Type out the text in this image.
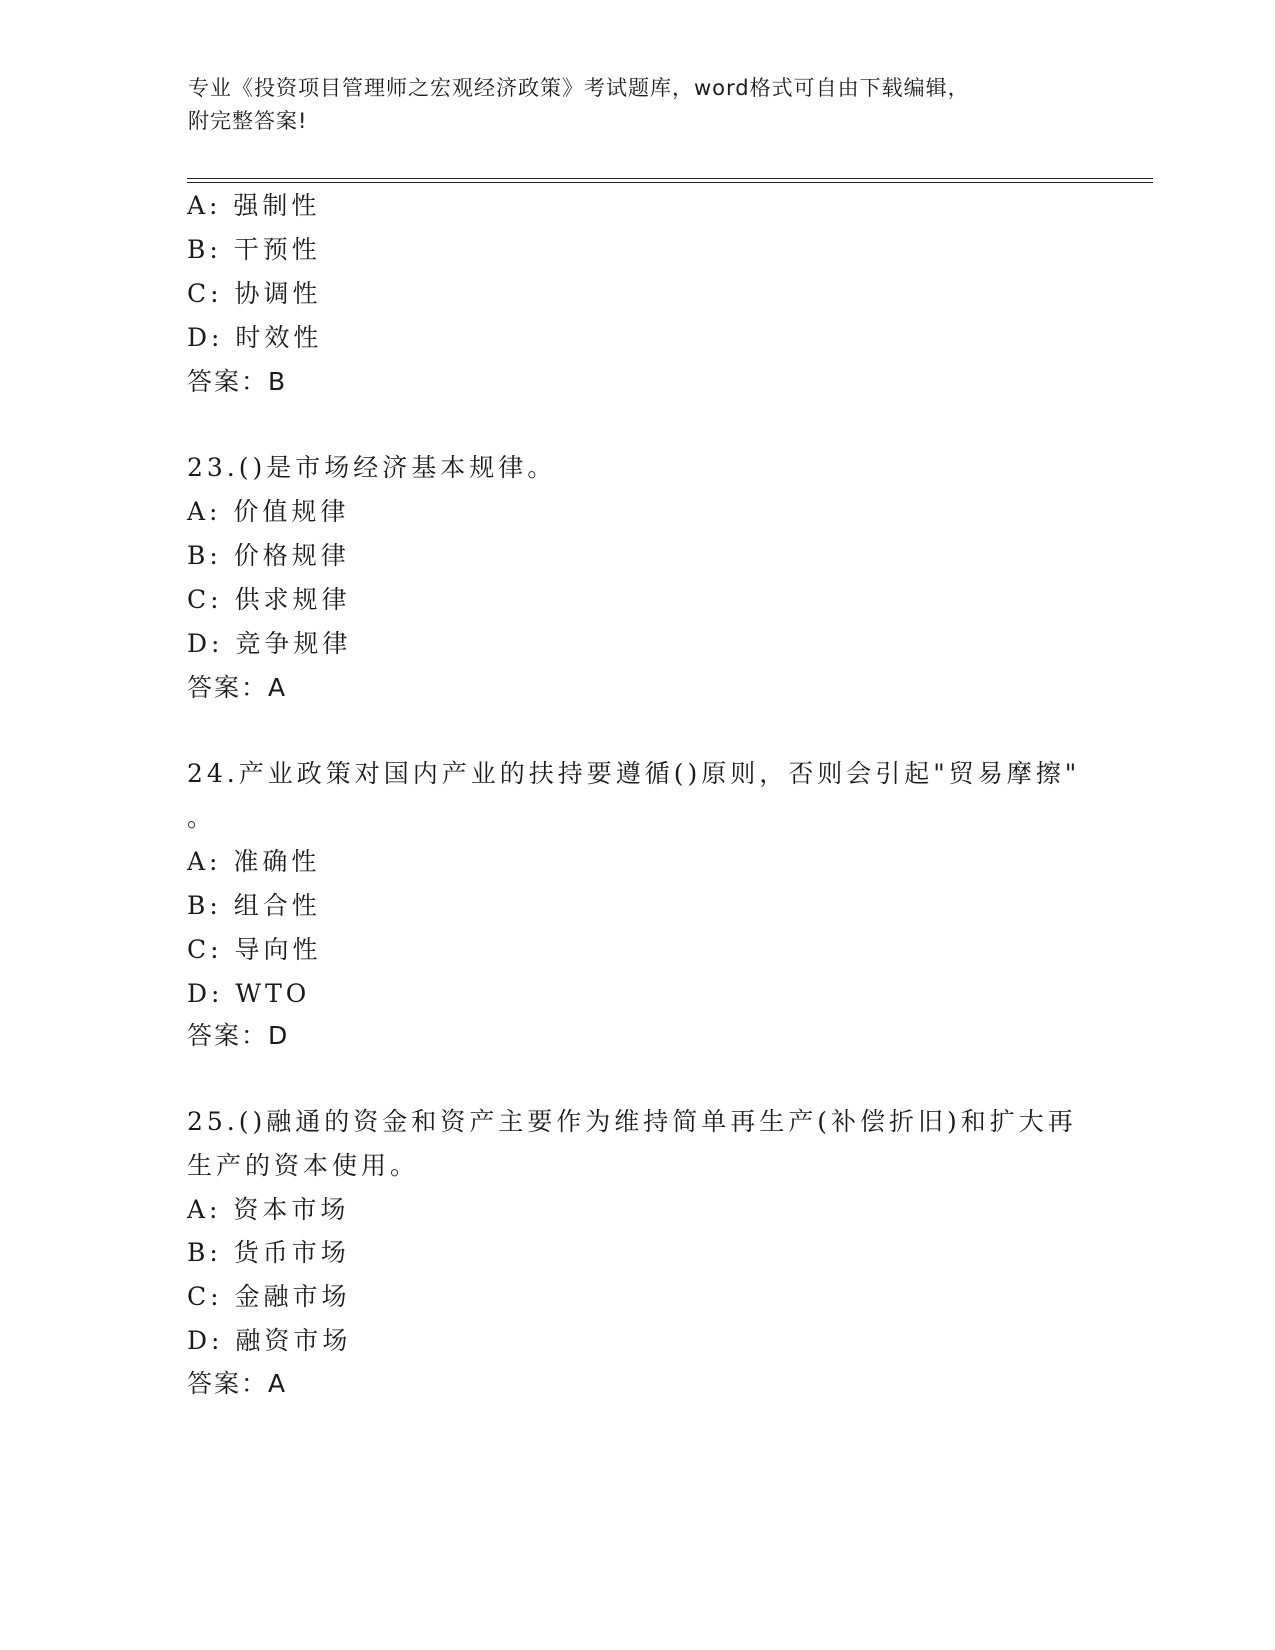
专业《投资项目管理师之宏观经济政策》考试题库，word格式可自由下载编辑，
附完整答案!
A: 强制性
B: 干预性
C: 协调性
D: 时效性
答案：B
23.()是市场经济基本规律。
A: 价值规律
B: 价格规律
C: 供求规律
D: 竞争规律
答案：A
24.产业政策对国内产业的扶持要遵循()原则，否则会引起"贸易摩擦"
。
A: 准确性
B: 组合性
C: 导向性
D: WTO
答案：D
25.()融通的资金和资产主要作为维持简单再生产(补偿折旧)和扩大再
生产的资本使用。
A: 资本市场
B: 货币市场
C: 金融市场
D: 融资市场
答案：A
